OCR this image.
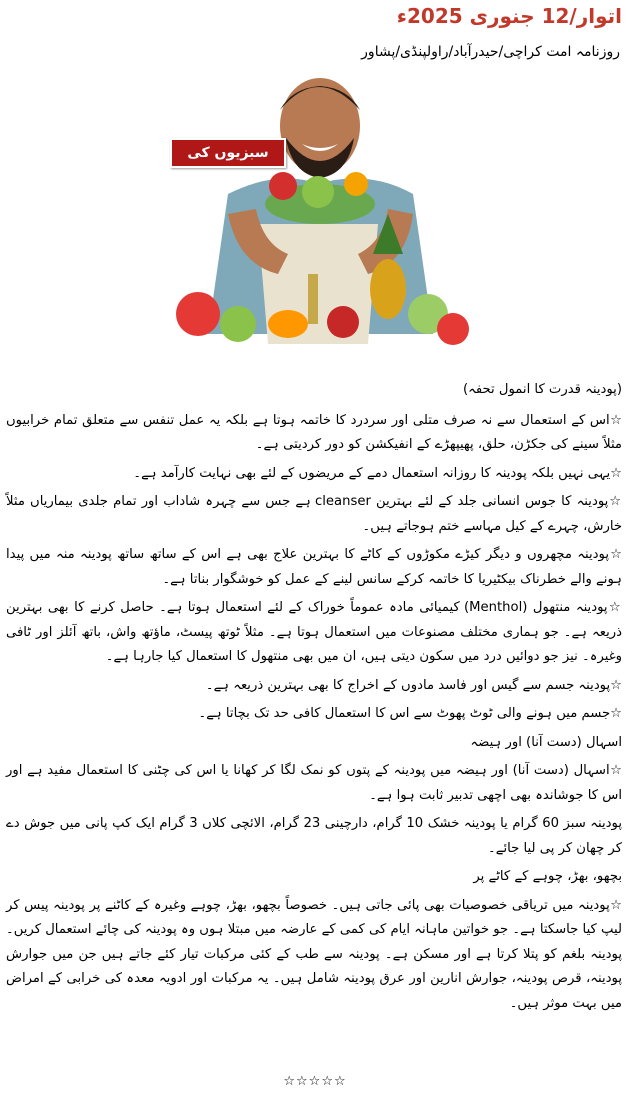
اتوار/12 جنوری 2025ء
روزنامہ امت کراچی/حیدرآباد/راولپنڈی/پشاور
سبزیوں کی افادیت

(پودینہ قدرت کا انمول تحفہ)

☆اس کے استعمال سے نہ صرف متلی اور سردرد کا خاتمہ ہوتا ہے بلکہ یہ عمل تنفس سے متعلق تمام خرابیوں مثلاً سینے کی جکڑن، حلق، پھیپھڑے کے انفیکشن کو دور کردیتی ہے۔

☆یہی نہیں بلکہ پودینہ کا روزانہ استعمال دمے کے مریضوں کے لئے بھی نہایت کارآمد ہے۔

☆پودینہ کا جوس انسانی جلد کے لئے بہترین cleanser ہے جس سے چہرہ شاداب اور تمام جلدی بیماریاں مثلاً خارش، چہرے کے کیل مہاسے ختم ہوجاتے ہیں۔

☆پودینہ مچھروں و دیگر کیڑے مکوڑوں کے کاٹے کا بہترین علاج بھی ہے اس کے ساتھ ساتھ پودینہ منہ میں پیدا ہونے والے خطرناک بیکٹیریا کا خاتمہ کرکے سانس لینے کے عمل کو خوشگوار بناتا ہے۔

☆پودینہ منتھول (Menthol) کیمیائی مادہ عموماً خوراک کے لئے استعمال ہوتا ہے۔ حاصل کرنے کا بھی بہترین ذریعہ ہے۔ جو ہماری مختلف مصنوعات میں استعمال ہوتا ہے۔ مثلاً ٹوتھ پیسٹ، ماؤتھ واش، باتھ آئلز اور ٹافی وغیرہ۔ نیز جو دوائیں درد میں سکون دیتی ہیں، ان میں بھی منتھول کا استعمال کیا جارہا ہے۔

☆پودینہ جسم سے گیس اور فاسد مادوں کے اخراج کا بھی بہترین ذریعہ ہے۔

☆جسم میں ہونے والی ٹوٹ پھوٹ سے اس کا استعمال کافی حد تک بچاتا ہے۔

اسہال (دست آنا) اور ہیضہ

☆اسہال (دست آنا) اور ہیضہ میں پودینہ کے پتوں کو نمک لگا کر کھانا یا اس کی چٹنی کا استعمال مفید ہے اور اس کا جوشاندہ بھی اچھی تدبیر ثابت ہوا ہے۔

پودینہ سبز 60 گرام یا پودینہ خشک 10 گرام، دارچینی 23 گرام، الائچی کلاں 3 گرام ایک کپ پانی میں جوش دے کر چھان کر پی لیا جائے۔

بچھو، بھڑ، چوہے کے کاٹے پر

☆پودینہ میں تریاقی خصوصیات بھی پائی جاتی ہیں۔ خصوصاً بچھو، بھڑ، چوہے وغیرہ کے کاٹنے پر پودینہ پیس کر لیپ کیا جاسکتا ہے۔ جو خواتین ماہانہ ایام کی کمی کے عارضہ میں مبتلا ہوں وہ پودینہ کی چائے استعمال کریں۔ پودینہ بلغم کو پتلا کرتا ہے اور مسکن ہے۔ پودینہ سے طب کے کئی مرکبات تیار کئے جاتے ہیں جن میں جوارش پودینہ، قرص پودینہ، جوارش انارین اور عرق پودینہ شامل ہیں۔ یہ مرکبات اور ادویہ معدہ کی خرابی کے امراض میں بہت موثر ہیں۔

☆☆☆☆☆
